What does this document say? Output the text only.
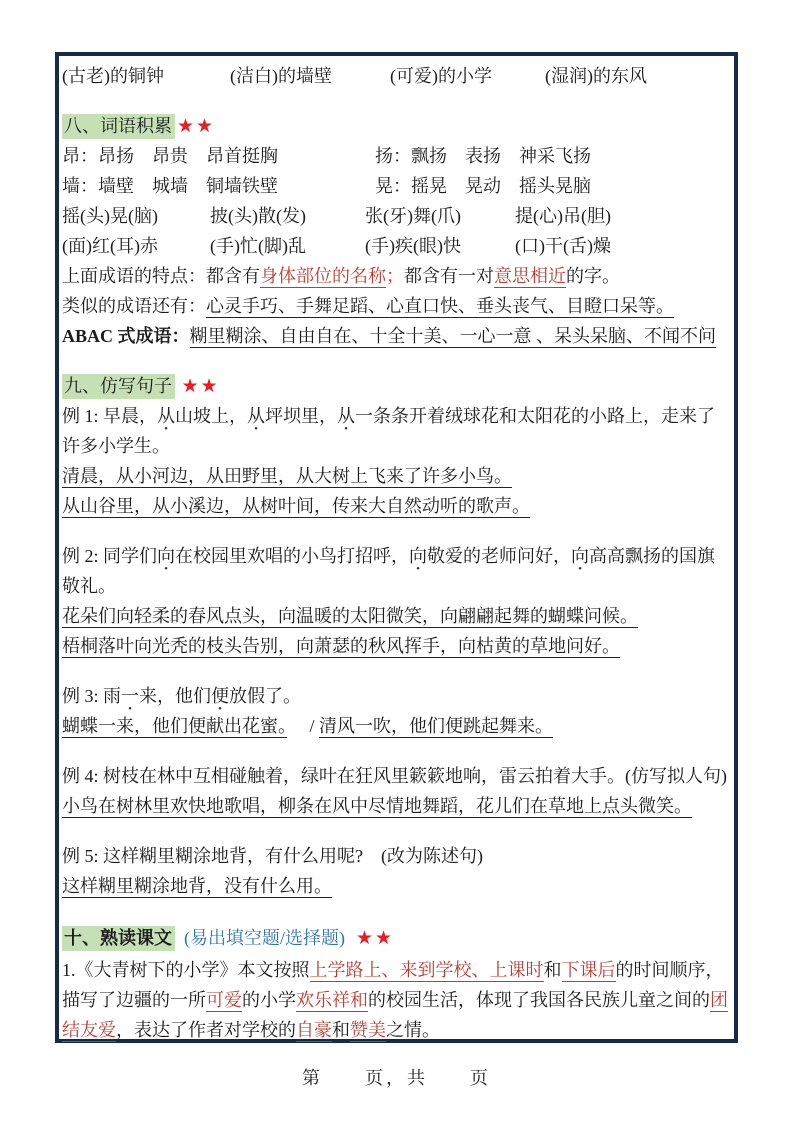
(古老)的铜钟	(洁白)的墙壁	(可爱)的小学	(湿润)的东风
八、词语积累 ★★
昂：昂扬　昂贵　昂首挺胸	扬：飘扬　表扬　神采飞扬
墙：墙壁　城墙　铜墙铁壁	晃：摇晃　晃动　摇头晃脑
摇(头)晃(脑)	披(头)散(发)	张(牙)舞(爪)	提(心)吊(胆)
(面)红(耳)赤	(手)忙(脚)乱	(手)疾(眼)快	(口)干(舌)燥
上面成语的特点：都含有身体部位的名称；都含有一对意思相近的字。
类似的成语还有：心灵手巧、手舞足蹈、心直口快、垂头丧气、目瞪口呆等。
ABAC 式成语：糊里糊涂、自由自在、十全十美、一心一意 、呆头呆脑、不闻不问
九、仿写句子 ★★
例 1: 早晨，从山坡上，从坪坝里，从一条条开着绒球花和太阳花的小路上，走来了
许多小学生。
清晨，从小河边，从田野里，从大树上飞来了许多小鸟。
从山谷里，从小溪边，从树叶间，传来大自然动听的歌声。
例 2: 同学们向在校园里欢唱的小鸟打招呼，向敬爱的老师问好，向高高飘扬的国旗
敬礼。
花朵们向轻柔的春风点头，向温暖的太阳微笑，向翩翩起舞的蝴蝶问候。
梧桐落叶向光秃的枝头告别，向萧瑟的秋风挥手，向枯黄的草地问好。
例 3: 雨一来，他们便放假了。
蝴蝶一来，他们便献出花蜜。　 / 清风一吹，他们便跳起舞来。
例 4: 树枝在林中互相碰触着，绿叶在狂风里簌簌地响，雷云拍着大手。(仿写拟人句)
小鸟在树林里欢快地歌唱，柳条在风中尽情地舞蹈，花儿们在草地上点头微笑。
例 5: 这样糊里糊涂地背，有什么用呢?　(改为陈述句)
这样糊里糊涂地背，没有什么用。
十、熟读课文 (易出填空题/选择题) ★★
1.《大青树下的小学》本文按照上学路上、来到学校、上课时和下课后的时间顺序，
描写了边疆的一所可爱的小学欢乐祥和的校园生活，体现了我国各民族儿童之间的团
结友爱，表达了作者对学校的自豪和赞美之情。
第　　页，共　　页
